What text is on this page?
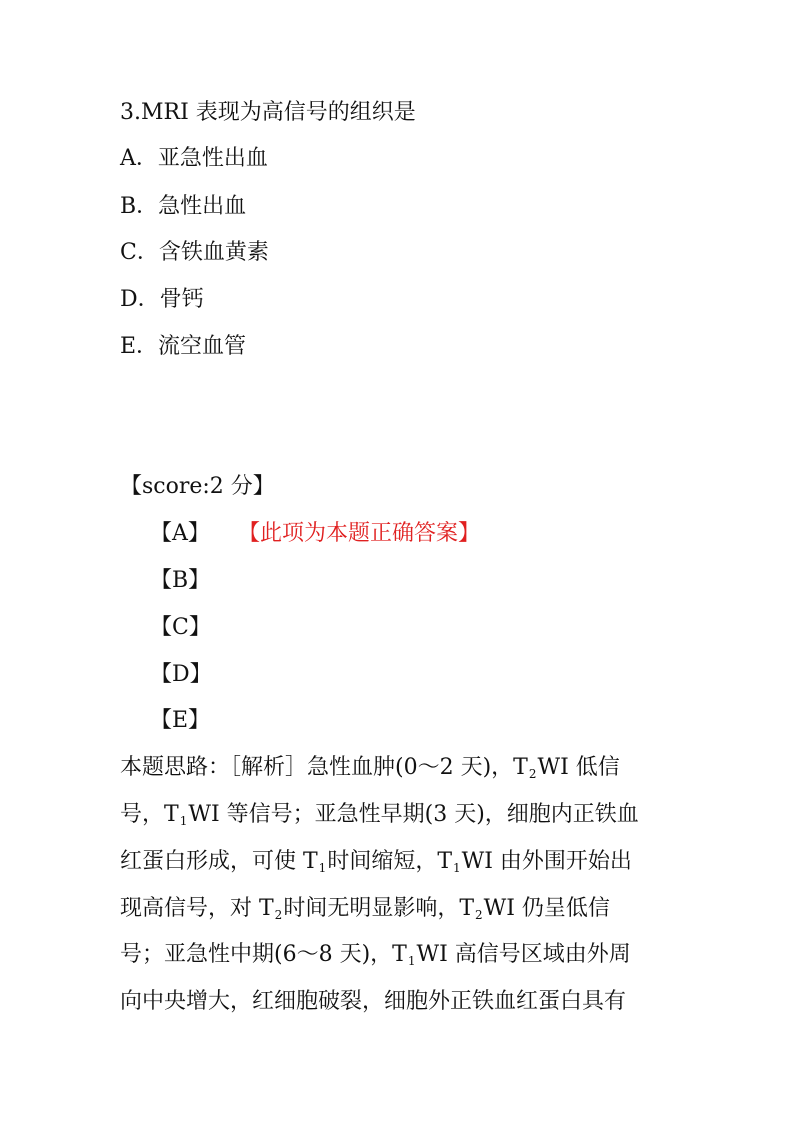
3.MRI 表现为高信号的组织是
A．亚急性出血
B．急性出血
C．含铁血黄素
D．骨钙
E．流空血管
【score:2 分】
【A】 【此项为本题正确答案】
【B】
【C】
【D】
【E】
本题思路：［解析］急性血肿(0～2 天)，T2WI 低信
号，T1WI 等信号；亚急性早期(3 天)，细胞内正铁血
红蛋白形成，可使 T1时间缩短，T1WI 由外围开始出
现高信号，对 T2时间无明显影响，T2WI 仍呈低信
号；亚急性中期(6～8 天)，T1WI 高信号区域由外周
向中央增大，红细胞破裂，细胞外正铁血红蛋白具有
